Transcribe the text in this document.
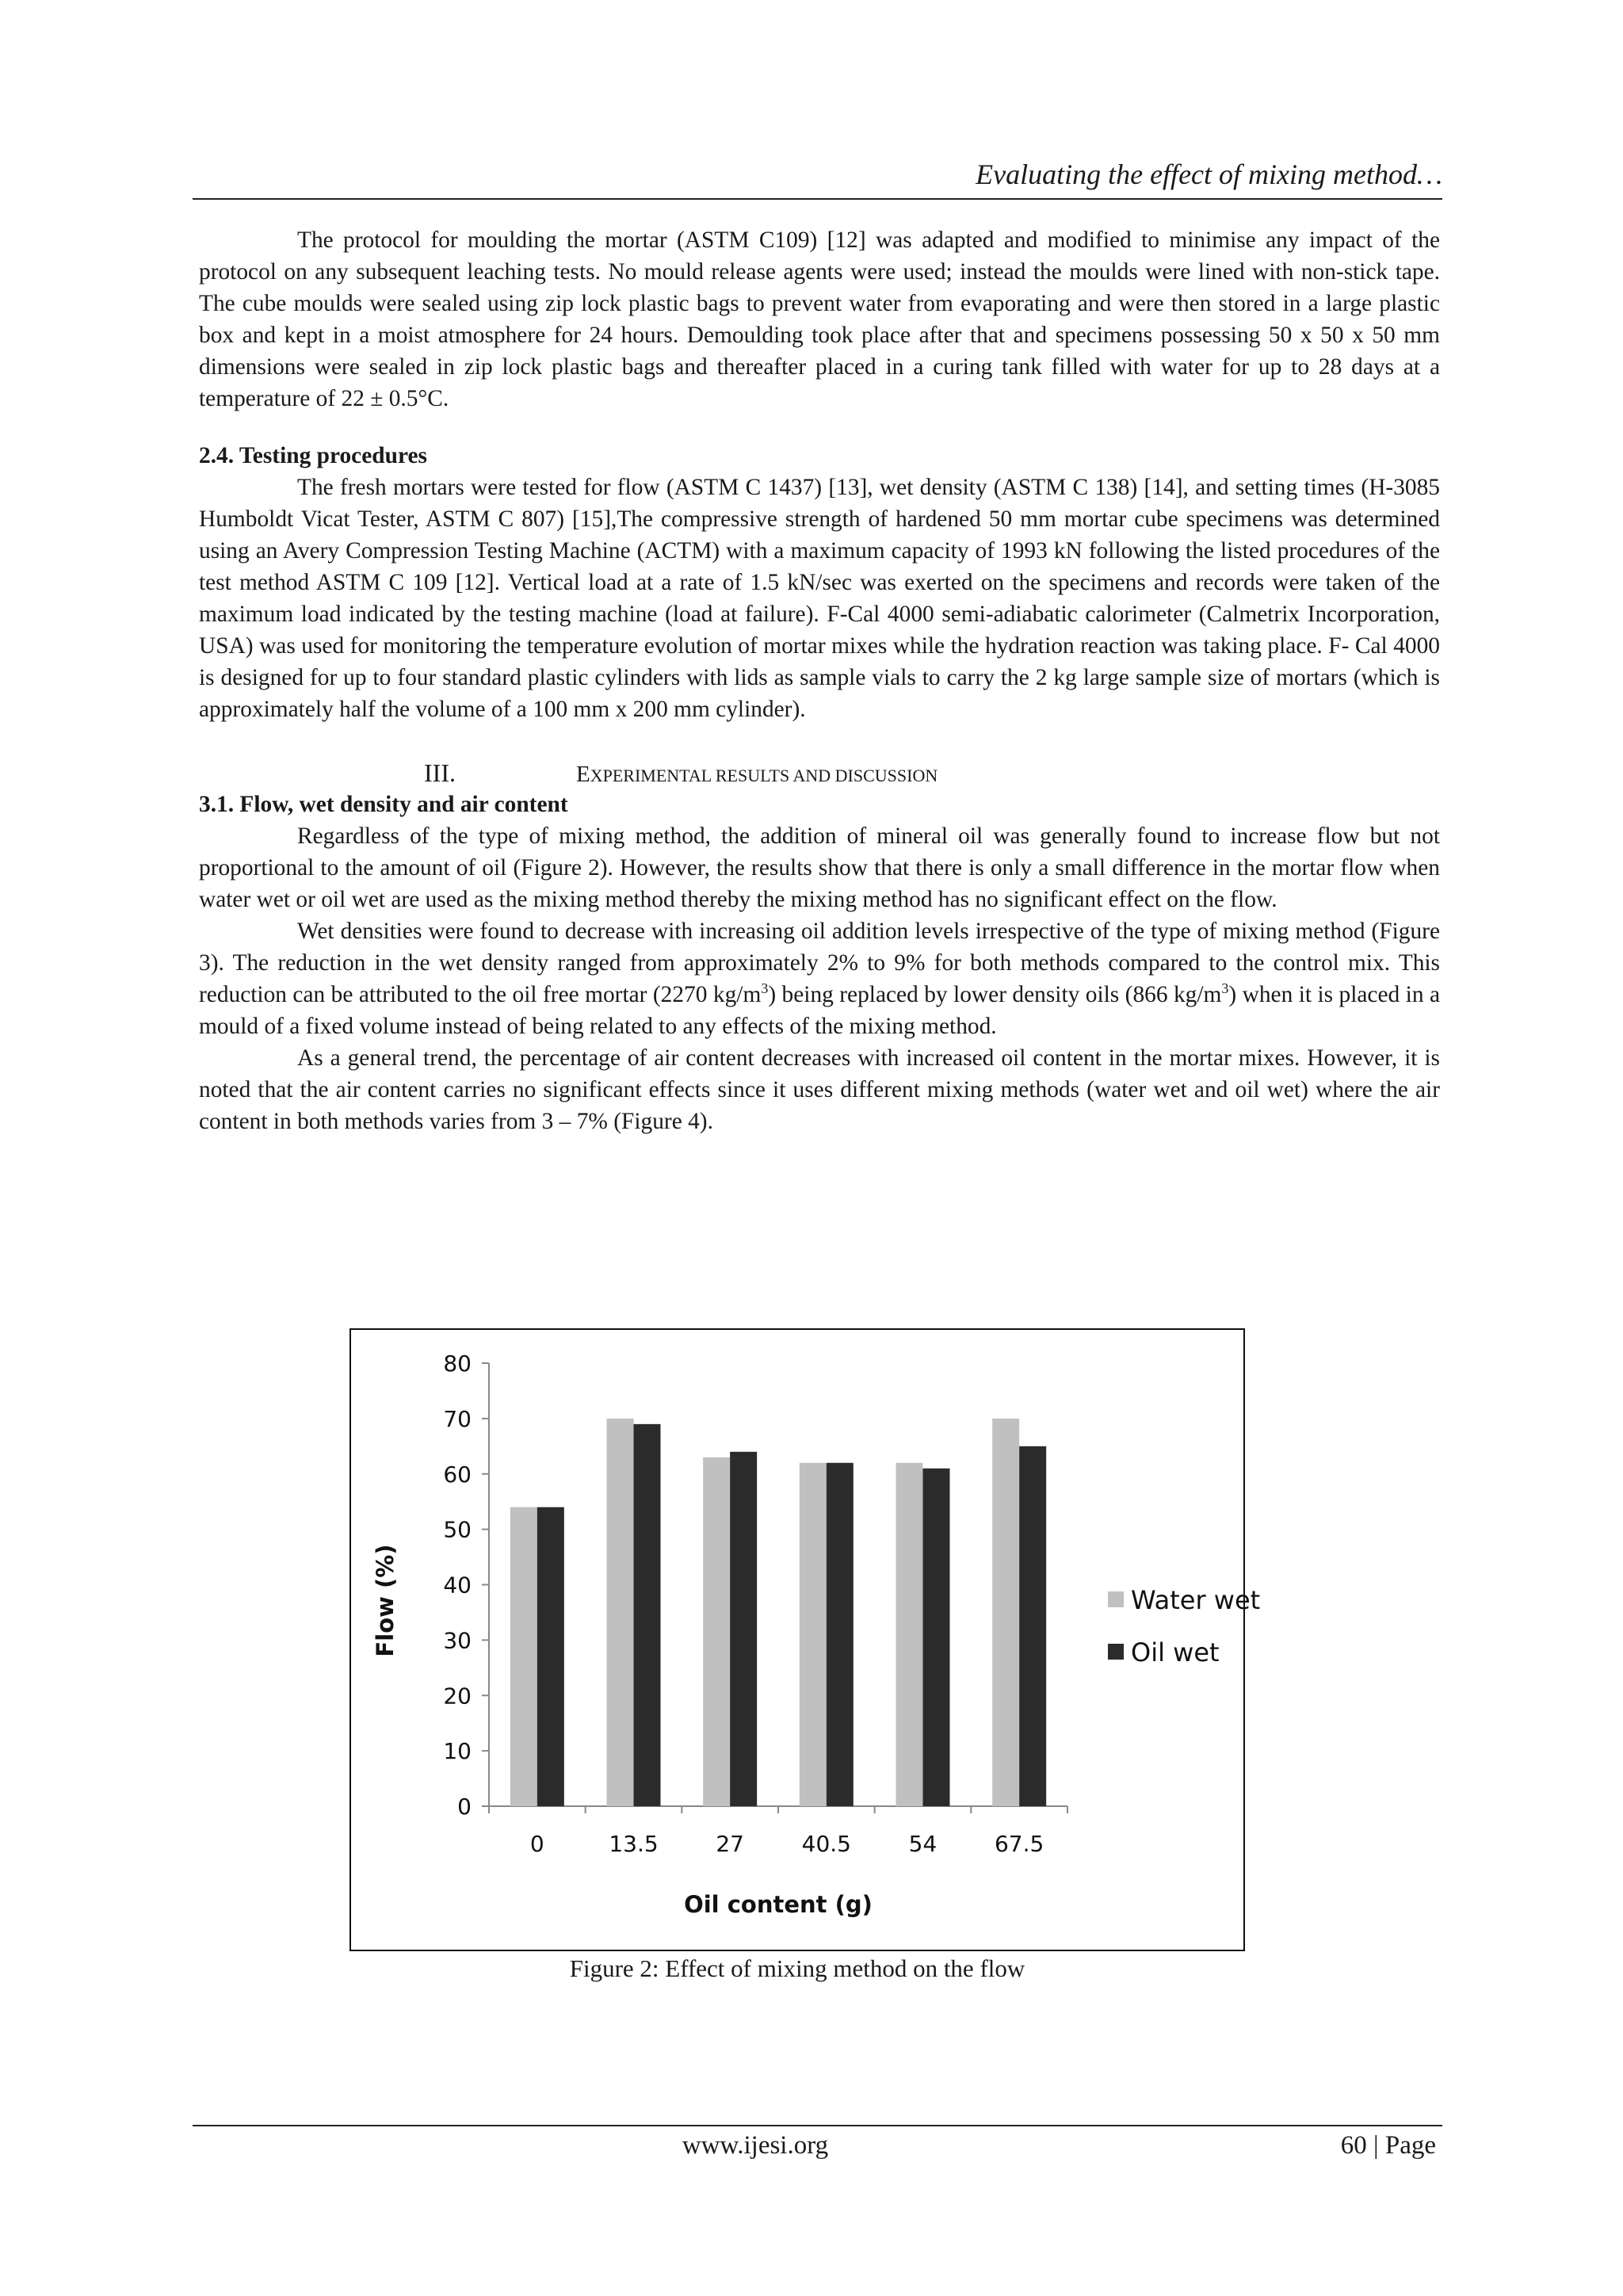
Evaluating the effect of mixing method…

The protocol for moulding the mortar (ASTM C109) [12] was adapted and modified to minimise any impact of the protocol on any subsequent leaching tests. No mould release agents were used; instead the moulds were lined with non-stick tape. The cube moulds were sealed using zip lock plastic bags to prevent water from evaporating and were then stored in a large plastic box and kept in a moist atmosphere for 24 hours. Demoulding took place after that and specimens possessing 50 x 50 x 50 mm dimensions were sealed in zip lock plastic bags and thereafter placed in a curing tank filled with water for up to 28 days at a temperature of 22 ± 0.5°C.

2.4. Testing procedures

The fresh mortars were tested for flow (ASTM C 1437) [13], wet density (ASTM C 138) [14], and setting times (H-3085 Humboldt Vicat Tester, ASTM C 807) [15],The compressive strength of hardened 50 mm mortar cube specimens was determined using an Avery Compression Testing Machine (ACTM) with a maximum capacity of 1993 kN following the listed procedures of the test method ASTM C 109 [12]. Vertical load at a rate of 1.5 kN/sec was exerted on the specimens and records were taken of the maximum load indicated by the testing machine (load at failure). F-Cal 4000 semi-adiabatic calorimeter (Calmetrix Incorporation, USA) was used for monitoring the temperature evolution of mortar mixes while the hydration reaction was taking place. F- Cal 4000 is designed for up to four standard plastic cylinders with lids as sample vials to carry the 2 kg large sample size of mortars (which is approximately half the volume of a 100 mm x 200 mm cylinder).

III.	EXPERIMENTAL RESULTS AND DISCUSSION
3.1. Flow, wet density and air content

Regardless of the type of mixing method, the addition of mineral oil was generally found to increase flow but not proportional to the amount of oil (Figure 2). However, the results show that there is only a small difference in the mortar flow when water wet or oil wet are used as the mixing method thereby the mixing method has no significant effect on the flow.

Wet densities were found to decrease with increasing oil addition levels irrespective of the type of mixing method (Figure 3). The reduction in the wet density ranged from approximately 2% to 9% for both methods compared to the control mix. This reduction can be attributed to the oil free mortar (2270 $kg/m^3$) being replaced by lower density oils (866 $kg/m^3$) when it is placed in a mould of a fixed volume instead of being related to any effects of the mixing method.

As a general trend, the percentage of air content decreases with increased oil content in the mortar mixes. However, it is noted that the air content carries no significant effects since it uses different mixing methods (water wet and oil wet) where the air content in both methods varies from 3 – 7% (Figure 4).

0
10
20
30
40
50
60
70
80
0	13.5	27	40.5	54	67.5
Flow (%)
Oil content (g)
Water wet
Oil wet
Figure 2: Effect of mixing method on the flow
www.ijesi.org	60 | Page
